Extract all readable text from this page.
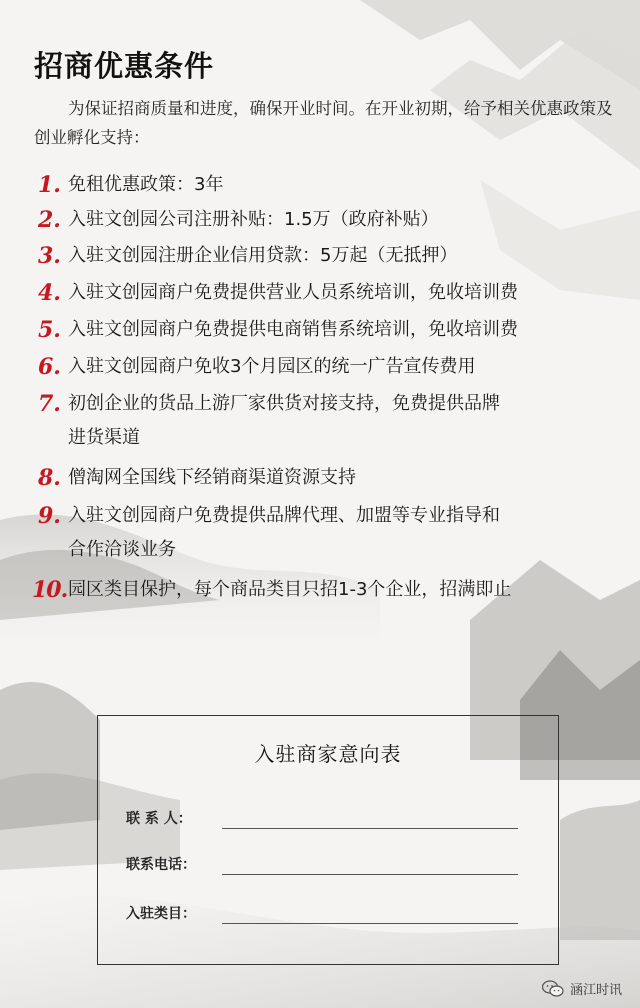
招商优惠条件
为保证招商质量和进度，确保开业时间。在开业初期，给予相关优惠政策及创业孵化支持：
1. 免租优惠政策：3年
2. 入驻文创园公司注册补贴：1.5万（政府补贴）
3. 入驻文创园注册企业信用贷款：5万起（无抵押）
4. 入驻文创园商户免费提供营业人员系统培训，免收培训费
5. 入驻文创园商户免费提供电商销售系统培训，免收培训费
6. 入驻文创园商户免收3个月园区的统一广告宣传费用
7. 初创企业的货品上游厂家供货对接支持，免费提供品牌
进货渠道
8. 僧淘网全国线下经销商渠道资源支持
9. 入驻文创园商户免费提供品牌代理、加盟等专业指导和
合作洽谈业务
10. 园区类目保护，每个商品类目只招1-3个企业，招满即止
入驻商家意向表
联 系 人：
联系电话：
入驻类目：
涵江时讯
